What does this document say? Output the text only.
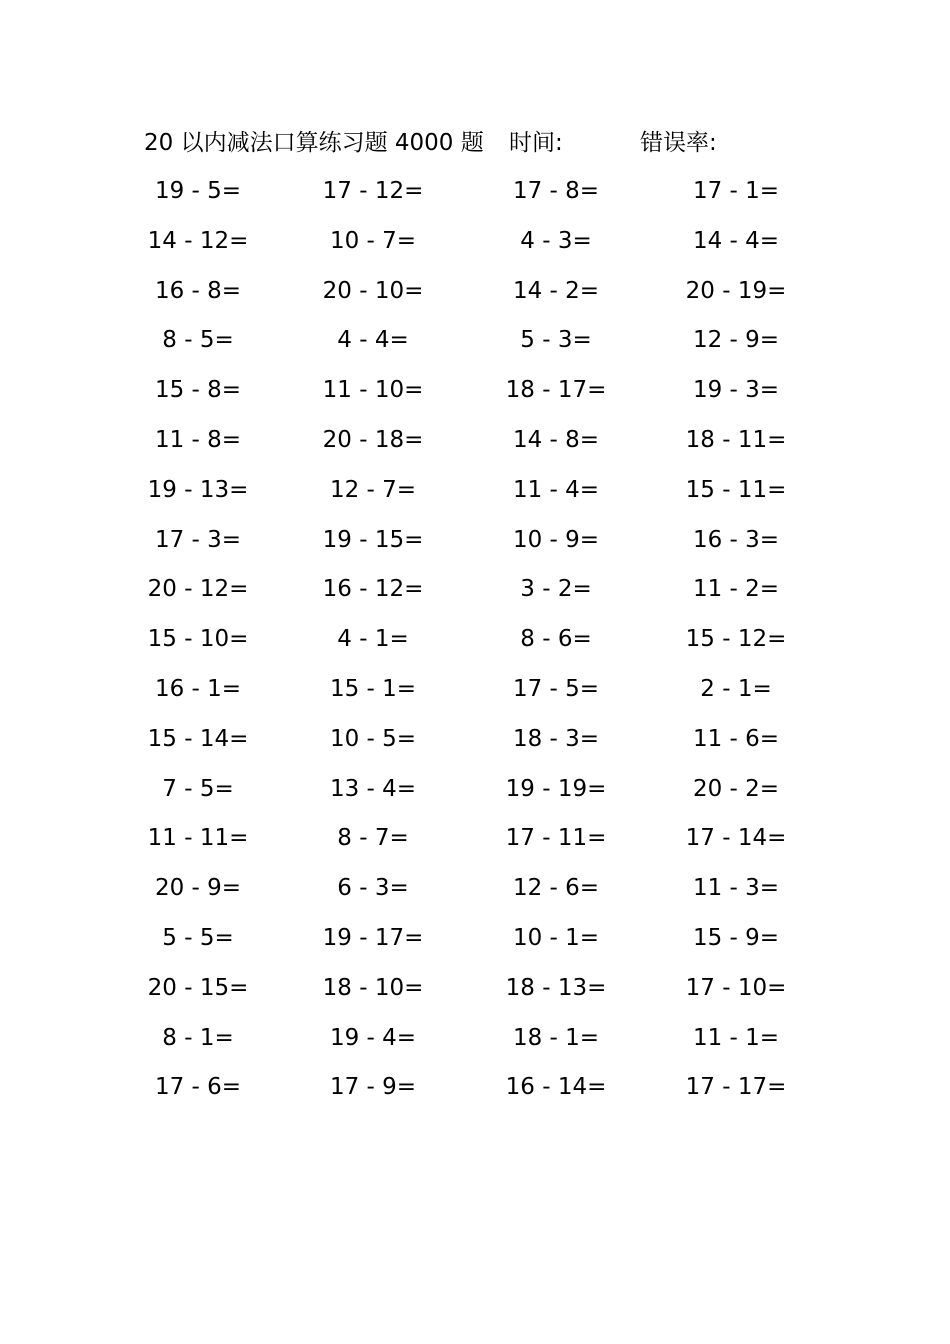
20 以内减法口算练习题 4000 题 时间:	错误率:
19 - 5=	17 - 12=	17 - 8=	17 - 1=
14 - 12=	10 - 7=	4 - 3=	14 - 4=
16 - 8=	20 - 10=	14 - 2=	20 - 19=
8 - 5=	4 - 4=	5 - 3=	12 - 9=
15 - 8=	11 - 10=	18 - 17=	19 - 3=
11 - 8=	20 - 18=	14 - 8=	18 - 11=
19 - 13=	12 - 7=	11 - 4=	15 - 11=
17 - 3=	19 - 15=	10 - 9=	16 - 3=
20 - 12=	16 - 12=	3 - 2=	11 - 2=
15 - 10=	4 - 1=	8 - 6=	15 - 12=
16 - 1=	15 - 1=	17 - 5=	2 - 1=
15 - 14=	10 - 5=	18 - 3=	11 - 6=
7 - 5=	13 - 4=	19 - 19=	20 - 2=
11 - 11=	8 - 7=	17 - 11=	17 - 14=
20 - 9=	6 - 3=	12 - 6=	11 - 3=
5 - 5=	19 - 17=	10 - 1=	15 - 9=
20 - 15=	18 - 10=	18 - 13=	17 - 10=
8 - 1=	19 - 4=	18 - 1=	11 - 1=
17 - 6=	17 - 9=	16 - 14=	17 - 17=
